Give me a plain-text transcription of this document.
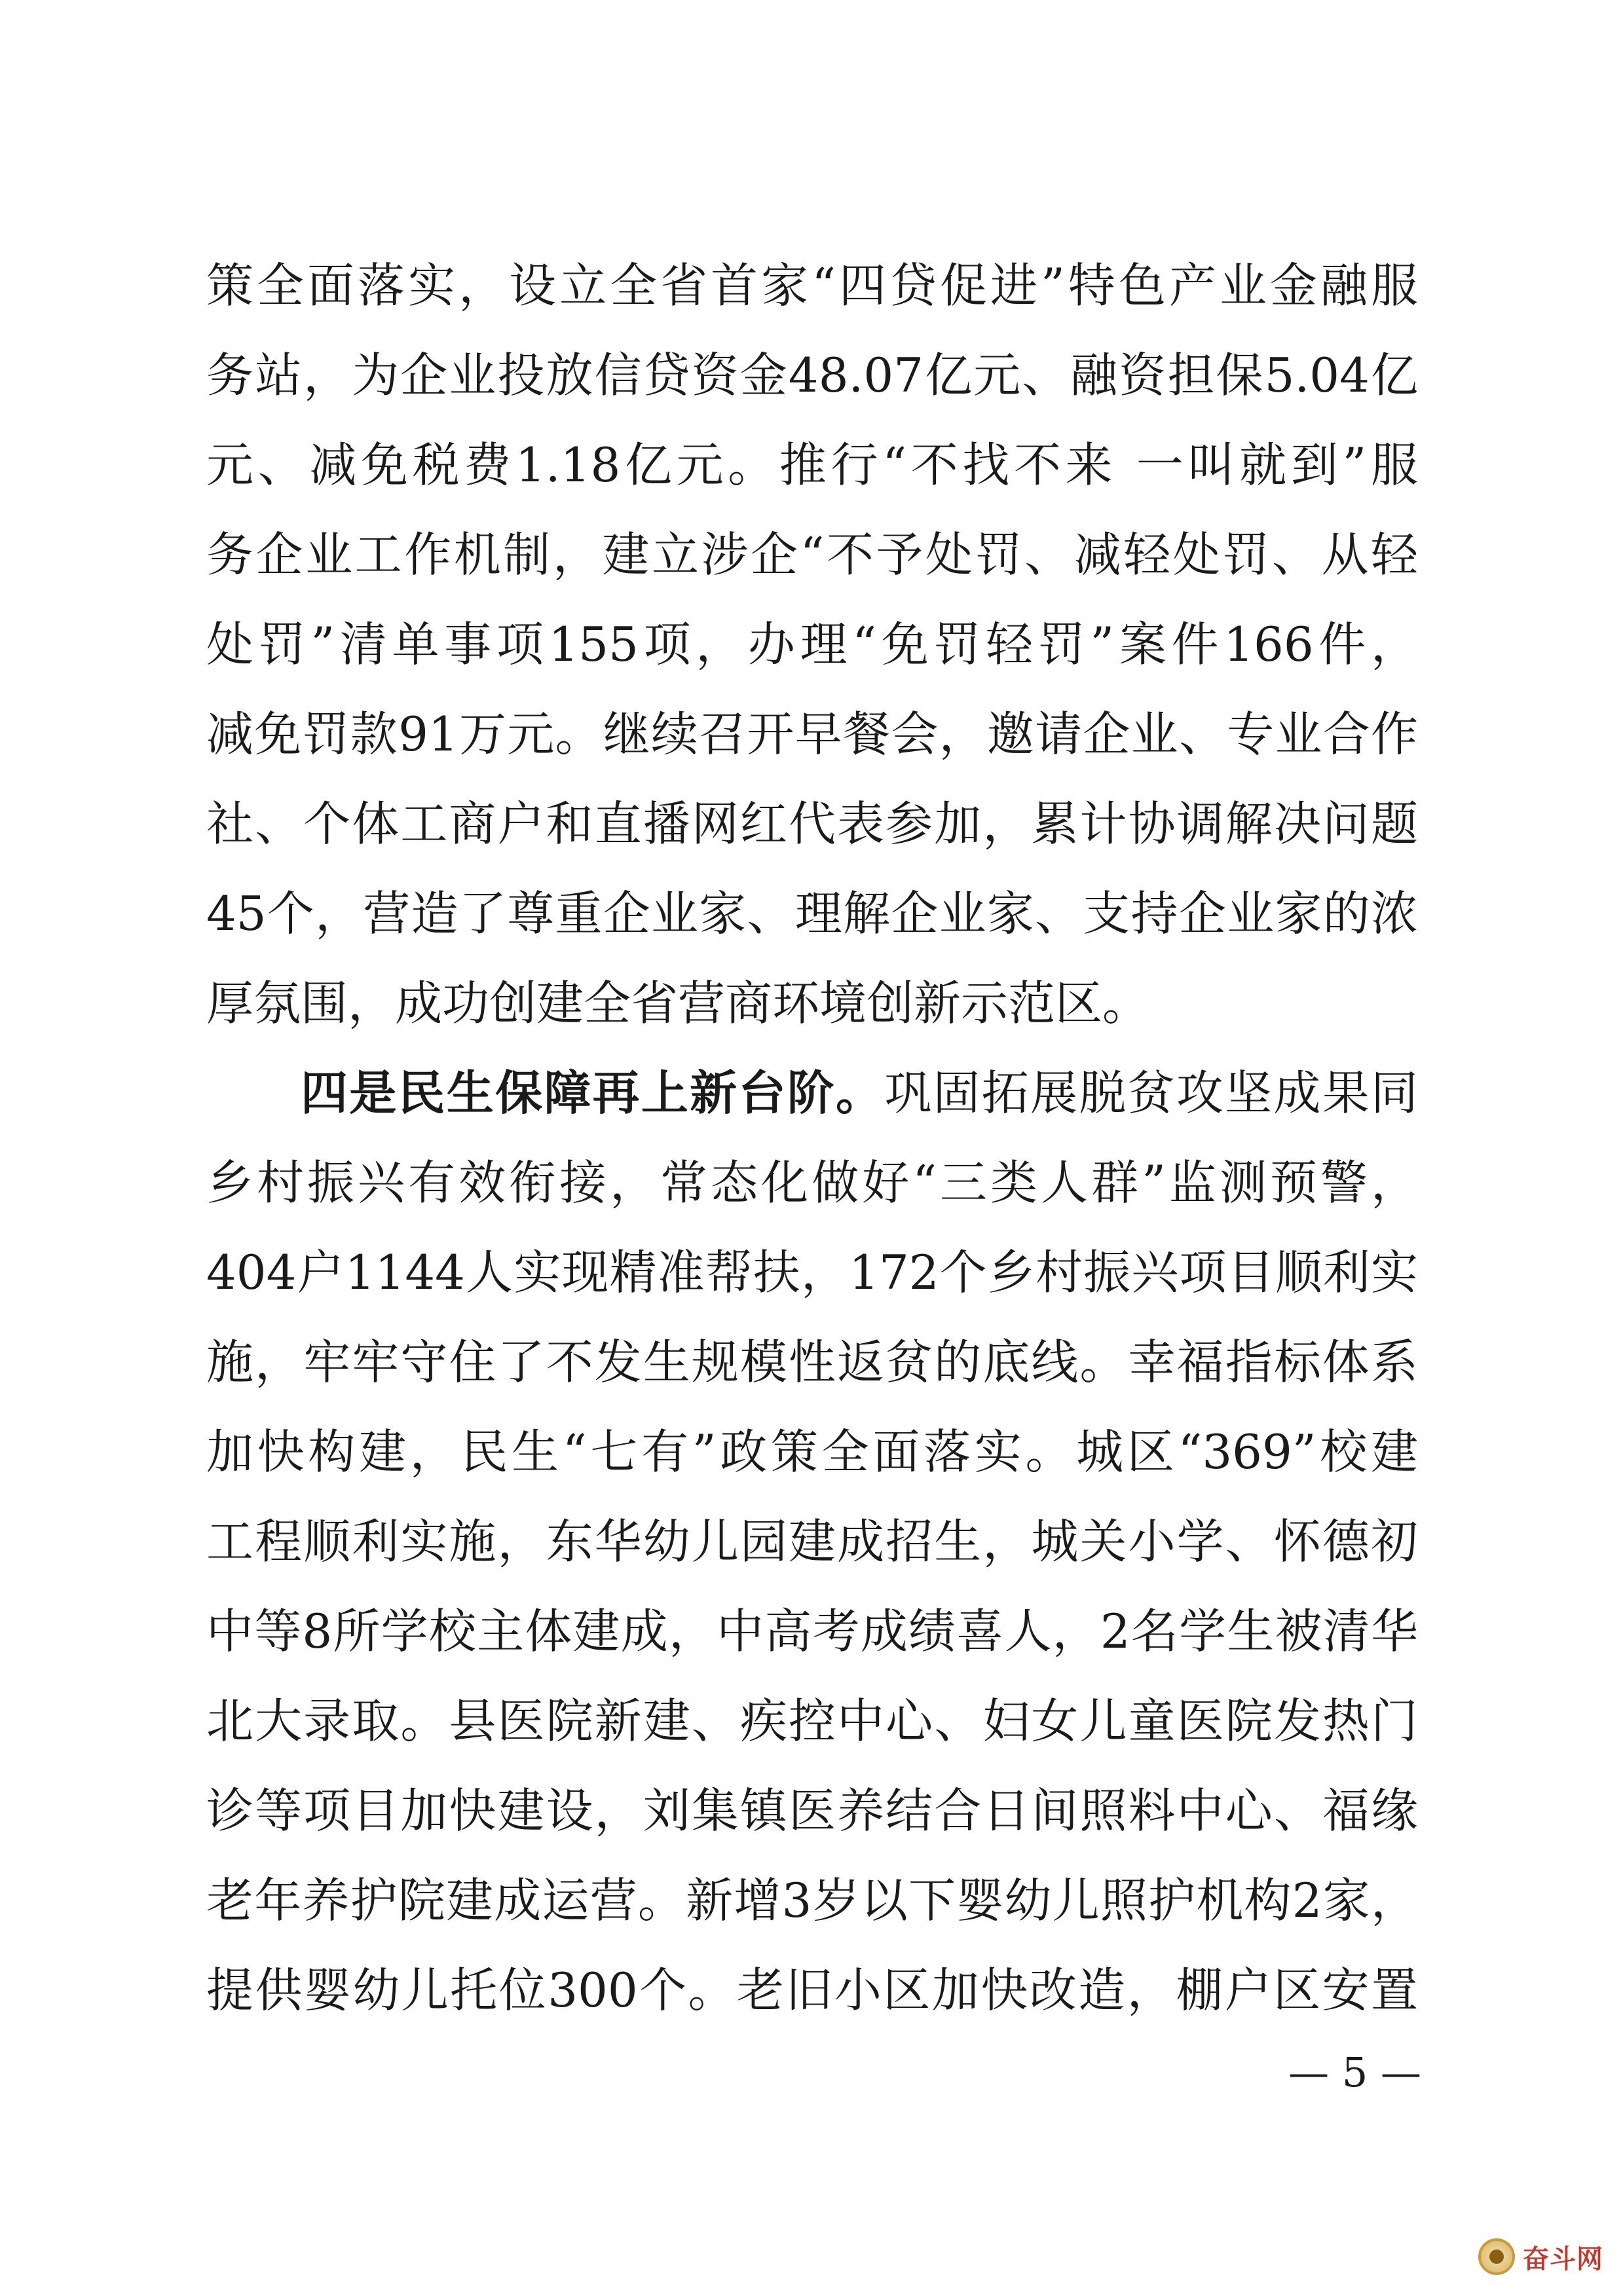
策全面落实，设立全省首家“四贷促进”特色产业金融服
务站，为企业投放信贷资金48.07亿元、融资担保5.04亿
元、减免税费1.18亿元。推行“不找不来 一叫就到”服
务企业工作机制，建立涉企“不予处罚、减轻处罚、从轻
处罚”清单事项155项，办理“免罚轻罚”案件166件，
减免罚款91万元。继续召开早餐会，邀请企业、专业合作
社、个体工商户和直播网红代表参加，累计协调解决问题
45个，营造了尊重企业家、理解企业家、支持企业家的浓
厚氛围，成功创建全省营商环境创新示范区。
四是民生保障再上新台阶。巩固拓展脱贫攻坚成果同
乡村振兴有效衔接，常态化做好“三类人群”监测预警，
404户1144人实现精准帮扶，172个乡村振兴项目顺利实
施，牢牢守住了不发生规模性返贫的底线。幸福指标体系
加快构建，民生“七有”政策全面落实。城区“369”校建
工程顺利实施，东华幼儿园建成招生，城关小学、怀德初
中等8所学校主体建成，中高考成绩喜人，2名学生被清华
北大录取。县医院新建、疾控中心、妇女儿童医院发热门
诊等项目加快建设，刘集镇医养结合日间照料中心、福缘
老年养护院建成运营。新增3岁以下婴幼儿照护机构2家，
提供婴幼儿托位300个。老旧小区加快改造，棚户区安置
— 5 —
奋斗网
